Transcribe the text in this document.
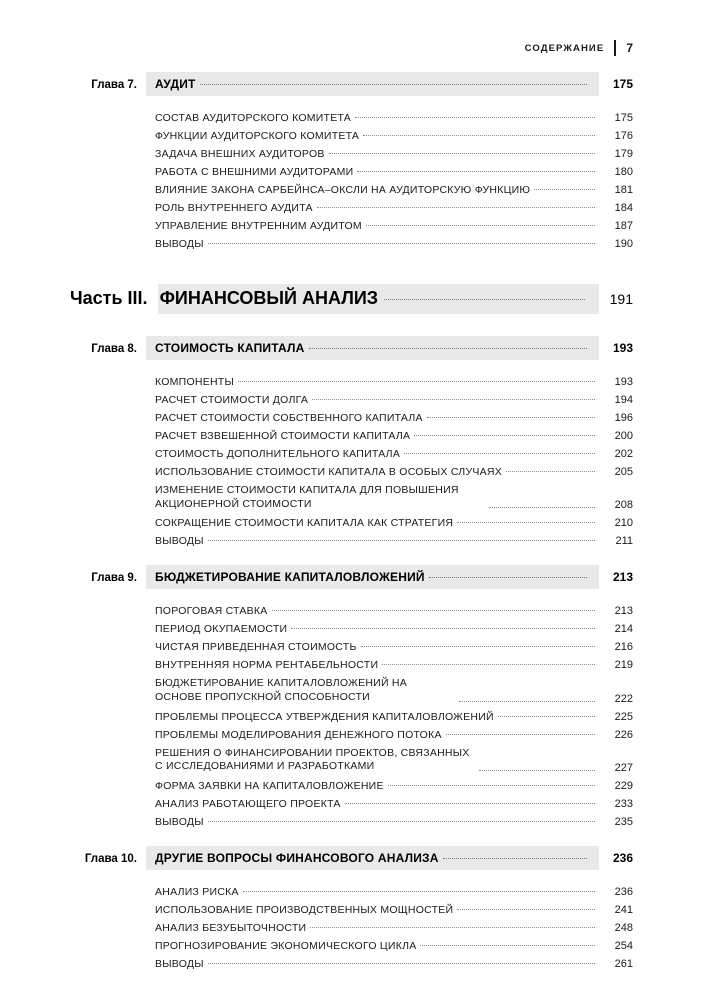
СОДЕРЖАНИЕ 7
Глава 7.	АУДИТ	175
СОСТАВ АУДИТОРСКОГО КОМИТЕТА	175
ФУНКЦИИ АУДИТОРСКОГО КОМИТЕТА	176
ЗАДАЧА ВНЕШНИХ АУДИТОРОВ	179
РАБОТА С ВНЕШНИМИ АУДИТОРАМИ	180
ВЛИЯНИЕ ЗАКОНА САРБЕЙНСА–ОКСЛИ НА АУДИТОРСКУЮ ФУНКЦИЮ	181
РОЛЬ ВНУТРЕННЕГО АУДИТА	184
УПРАВЛЕНИЕ ВНУТРЕННИМ АУДИТОМ	187
ВЫВОДЫ	190
Часть III. ФИНАНСОВЫЙ АНАЛИЗ	191
Глава 8.	СТОИМОСТЬ КАПИТАЛА	193
КОМПОНЕНТЫ	193
РАСЧЕТ СТОИМОСТИ ДОЛГА	194
РАСЧЕТ СТОИМОСТИ СОБСТВЕННОГО КАПИТАЛА	196
РАСЧЕТ ВЗВЕШЕННОЙ СТОИМОСТИ КАПИТАЛА	200
СТОИМОСТЬ ДОПОЛНИТЕЛЬНОГО КАПИТАЛА	202
ИСПОЛЬЗОВАНИЕ СТОИМОСТИ КАПИТАЛА В ОСОБЫХ СЛУЧАЯХ	205
ИЗМЕНЕНИЕ СТОИМОСТИ КАПИТАЛА ДЛЯ ПОВЫШЕНИЯ АКЦИОНЕРНОЙ СТОИМОСТИ	208
СОКРАЩЕНИЕ СТОИМОСТИ КАПИТАЛА КАК СТРАТЕГИЯ	210
ВЫВОДЫ	211
Глава 9.	БЮДЖЕТИРОВАНИЕ КАПИТАЛОВЛОЖЕНИЙ	213
ПОРОГОВАЯ СТАВКА	213
ПЕРИОД ОКУПАЕМОСТИ	214
ЧИСТАЯ ПРИВЕДЕННАЯ СТОИМОСТЬ	216
ВНУТРЕННЯЯ НОРМА РЕНТАБЕЛЬНОСТИ	219
БЮДЖЕТИРОВАНИЕ КАПИТАЛОВЛОЖЕНИЙ НА ОСНОВЕ ПРОПУСКНОЙ СПОСОБНОСТИ	222
ПРОБЛЕМЫ ПРОЦЕССА УТВЕРЖДЕНИЯ КАПИТАЛОВЛОЖЕНИЙ	225
ПРОБЛЕМЫ МОДЕЛИРОВАНИЯ ДЕНЕЖНОГО ПОТОКА	226
РЕШЕНИЯ О ФИНАНСИРОВАНИИ ПРОЕКТОВ, СВЯЗАННЫХ С ИССЛЕДОВАНИЯМИ И РАЗРАБОТКАМИ	227
ФОРМА ЗАЯВКИ НА КАПИТАЛОВЛОЖЕНИЕ	229
АНАЛИЗ РАБОТАЮЩЕГО ПРОЕКТА	233
ВЫВОДЫ	235
Глава 10.	ДРУГИЕ ВОПРОСЫ ФИНАНСОВОГО АНАЛИЗА	236
АНАЛИЗ РИСКА	236
ИСПОЛЬЗОВАНИЕ ПРОИЗВОДСТВЕННЫХ МОЩНОСТЕЙ	241
АНАЛИЗ БЕЗУБЫТОЧНОСТИ	248
ПРОГНОЗИРОВАНИЕ ЭКОНОМИЧЕСКОГО ЦИКЛА	254
ВЫВОДЫ	261
